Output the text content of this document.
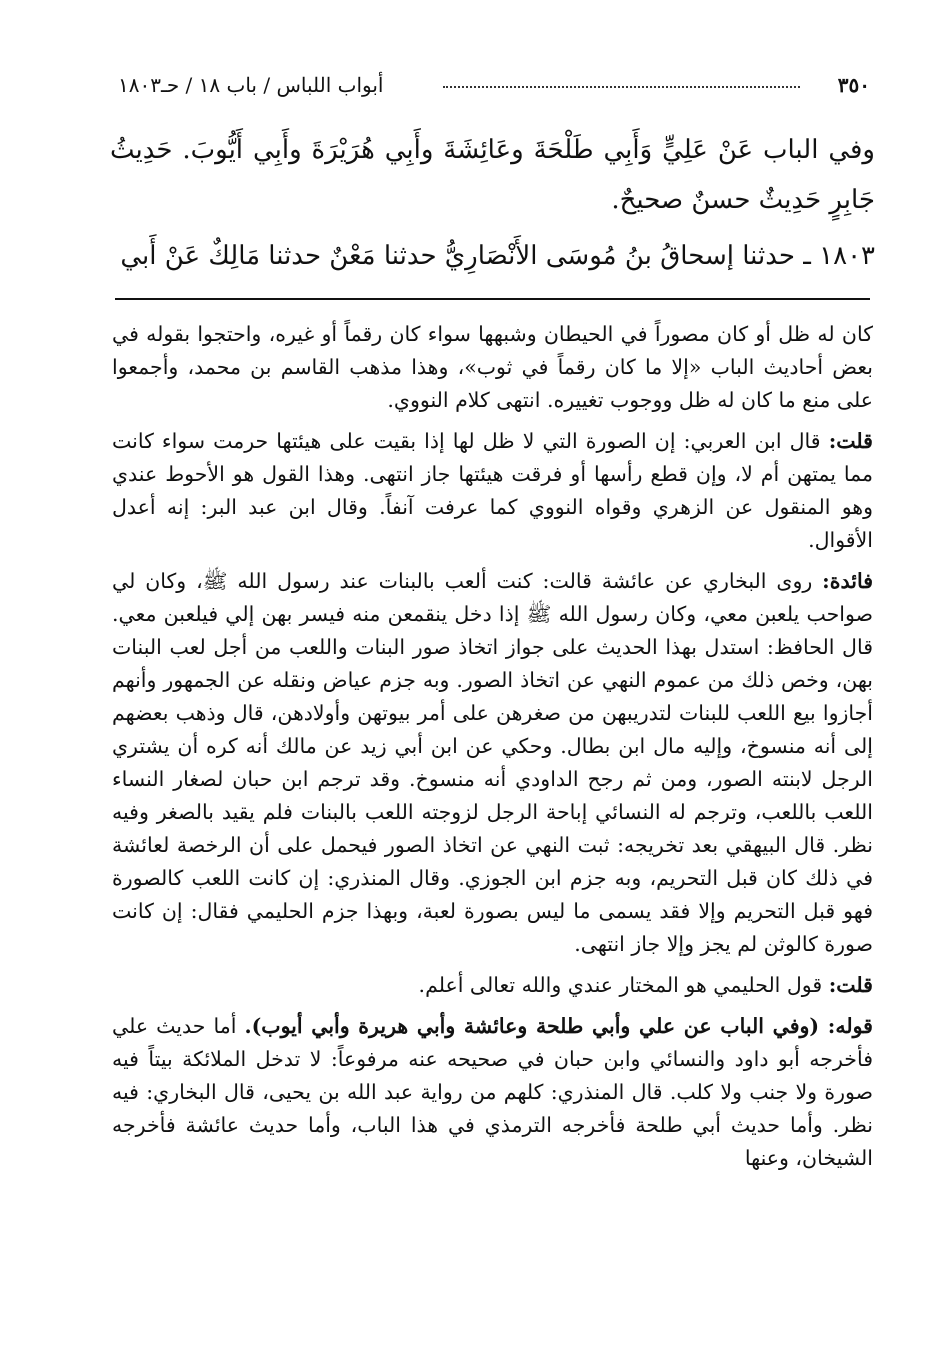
٣٥٠
أبواب اللباس / باب ١٨ / حـ١٨٠٣

وفي الباب عَنْ عَلِيٍّ وَأَبِي طَلْحَةَ وعَائِشَةَ وأَبِي هُرَيْرَةَ وأَبِي أَيُّوبَ. حَدِيثُ جَابِرٍ حَدِيثٌ حسنٌ صحيحٌ.

١٨٠٣ ـ حدثنا إسحاقُ بنُ مُوسَى الأَنْصَارِيُّ حدثنا مَعْنٌ حدثنا مَالِكٌ عَنْ أَبي

كان له ظل أو كان مصوراً في الحيطان وشبهها سواء كان رقماً أو غيره، واحتجوا بقوله في بعض أحاديث الباب «إلا ما كان رقماً في ثوب»، وهذا مذهب القاسم بن محمد، وأجمعوا على منع ما كان له ظل ووجوب تغييره. انتهى كلام النووي.

قلت: قال ابن العربي: إن الصورة التي لا ظل لها إذا بقيت على هيئتها حرمت سواء كانت مما يمتهن أم لا، وإن قطع رأسها أو فرقت هيئتها جاز انتهى. وهذا القول هو الأحوط عندي وهو المنقول عن الزهري وقواه النووي كما عرفت آنفاً. وقال ابن عبد البر: إنه أعدل الأقوال.

فائدة: روى البخاري عن عائشة قالت: كنت ألعب بالبنات عند رسول الله ﷺ، وكان لي صواحب يلعبن معي، وكان رسول الله ﷺ إذا دخل ينقمعن منه فيسر بهن إلي فيلعبن معي. قال الحافظ: استدل بهذا الحديث على جواز اتخاذ صور البنات واللعب من أجل لعب البنات بهن، وخص ذلك من عموم النهي عن اتخاذ الصور. وبه جزم عياض ونقله عن الجمهور وأنهم أجازوا بيع اللعب للبنات لتدريبهن من صغرهن على أمر بيوتهن وأولادهن، قال وذهب بعضهم إلى أنه منسوخ، وإليه مال ابن بطال. وحكي عن ابن أبي زيد عن مالك أنه كره أن يشتري الرجل لابنته الصور، ومن ثم رجح الداودي أنه منسوخ. وقد ترجم ابن حبان لصغار النساء اللعب باللعب، وترجم له النسائي إباحة الرجل لزوجته اللعب بالبنات فلم يقيد بالصغر وفيه نظر. قال البيهقي بعد تخريجه: ثبت النهي عن اتخاذ الصور فيحمل على أن الرخصة لعائشة في ذلك كان قبل التحريم، وبه جزم ابن الجوزي. وقال المنذري: إن كانت اللعب كالصورة فهو قبل التحريم وإلا فقد يسمى ما ليس بصورة لعبة، وبهذا جزم الحليمي فقال: إن كانت صورة كالوثن لم يجز وإلا جاز انتهى.

قلت: قول الحليمي هو المختار عندي والله تعالى أعلم.

قوله: (وفي الباب عن علي وأبي طلحة وعائشة وأبي هريرة وأبي أيوب). أما حديث علي فأخرجه أبو داود والنسائي وابن حبان في صحيحه عنه مرفوعاً: لا تدخل الملائكة بيتاً فيه صورة ولا جنب ولا كلب. قال المنذري: كلهم من رواية عبد الله بن يحيى، قال البخاري: فيه نظر. وأما حديث أبي طلحة فأخرجه الترمذي في هذا الباب، وأما حديث عائشة فأخرجه الشيخان، وعنها
